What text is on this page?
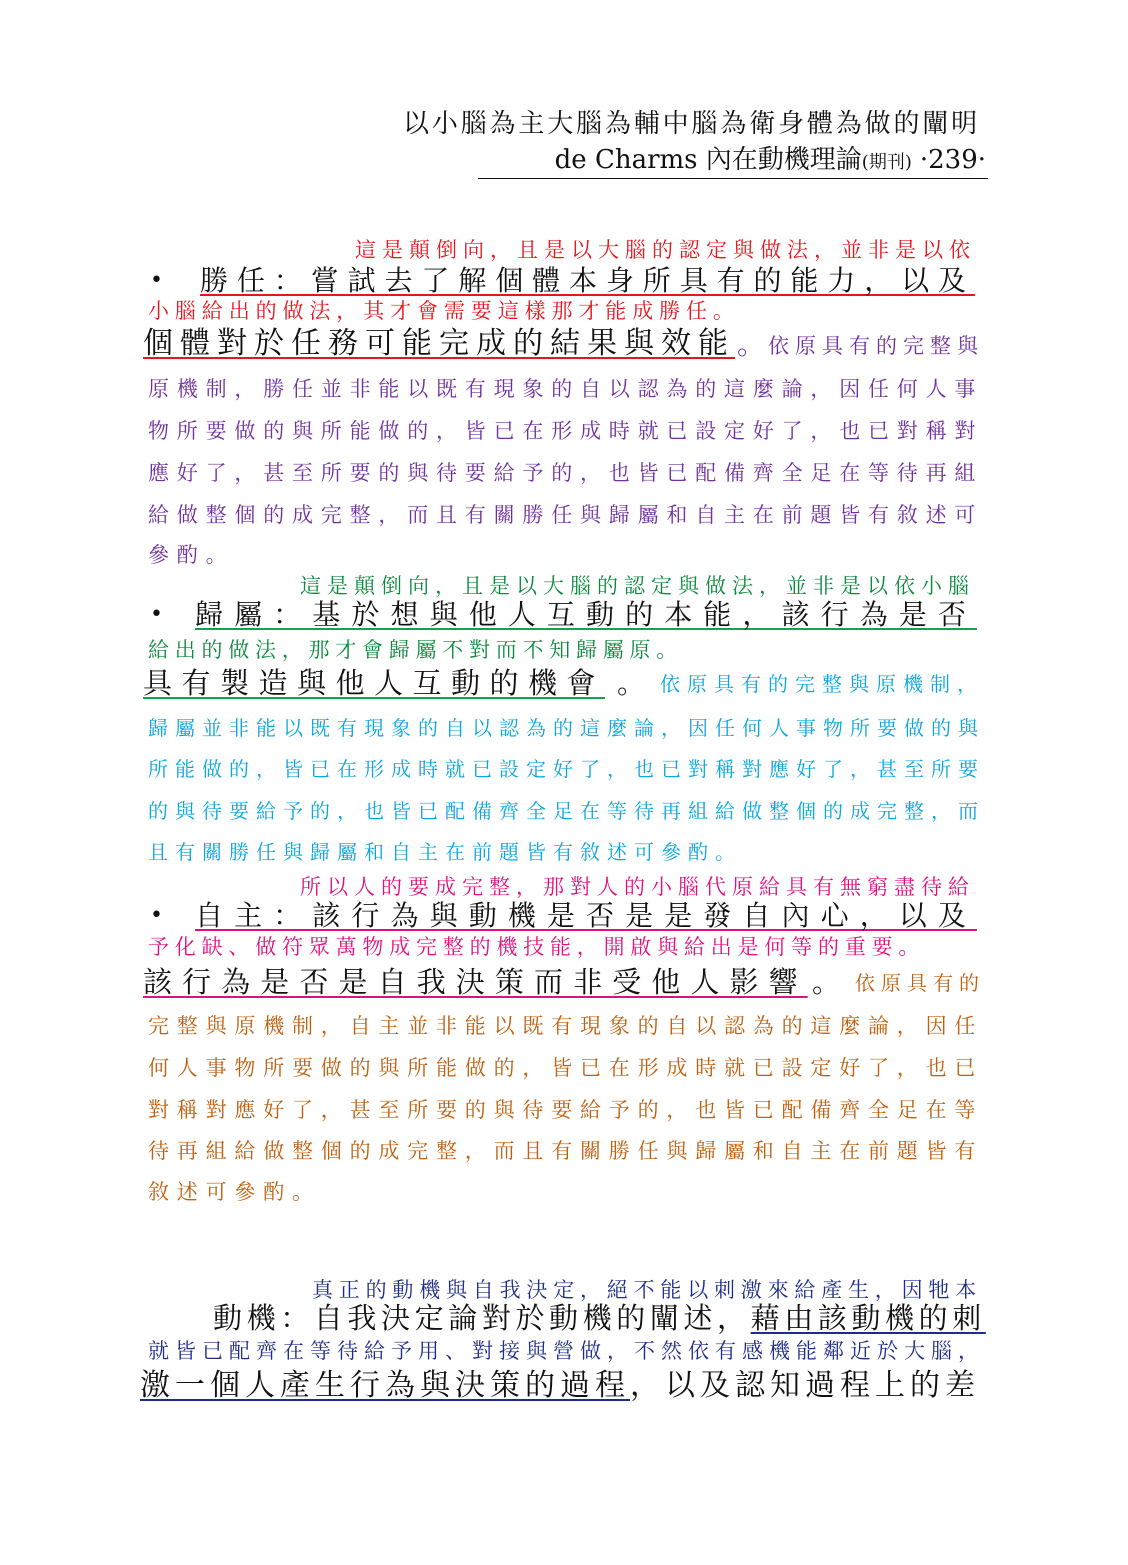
以小腦為主大腦為輔中腦為衛身體為做的闡明
de Charms 內在動機理論(期刊) ·239·
這是顛倒向，且是以大腦的認定與做法，並非是以依
• 勝任：嘗試去了解個體本身所具有的能力，以及
小腦給出的做法，其才會需要這樣那才能成勝任。
個體對於任務可能完成的結果與效能 。 依原具有的完整與
原機制，勝任並非能以既有現象的自以認為的這麼論，因任何人事
物所要做的與所能做的，皆已在形成時就已設定好了，也已對稱對
應好了，甚至所要的與待要給予的，也皆已配備齊全足在等待再組
給做整個的成完整，而且有關勝任與歸屬和自主在前題皆有敘述可
參酌。
這是顛倒向，且是以大腦的認定與做法，並非是以依小腦
• 歸屬：基於想與他人互動的本能，該行為是否
給出的做法，那才會歸屬不對而不知歸屬原。
具有製造與他人互動的機會 。 依原具有的完整與原機制，
歸屬並非能以既有現象的自以認為的這麼論，因任何人事物所要做的與
所能做的，皆已在形成時就已設定好了，也已對稱對應好了，甚至所要
的與待要給予的，也皆已配備齊全足在等待再組給做整個的成完整，而
且有關勝任與歸屬和自主在前題皆有敘述可參酌。
所以人的要成完整，那對人的小腦代原給具有無窮盡待給
• 自主：該行為與動機是否是是發自內心，以及
予化缺、做符眾萬物成完整的機技能，開啟與給出是何等的重要。
該行為是否是自我決策而非受他人影響 。 依原具有的
完整與原機制，自主並非能以既有現象的自以認為的這麼論，因任
何人事物所要做的與所能做的，皆已在形成時就已設定好了，也已
對稱對應好了，甚至所要的與待要給予的，也皆已配備齊全足在等
待再組給做整個的成完整，而且有關勝任與歸屬和自主在前題皆有
敘述可參酌。
真正的動機與自我決定，絕不能以刺激來給產生，因牠本
動機：自我決定論對於動機的闡述，藉由該動機的刺
就皆已配齊在等待給予用、對接與營做，不然依有感機能鄰近於大腦，
激一個人產生行為與決策的過程，以及認知過程上的差
